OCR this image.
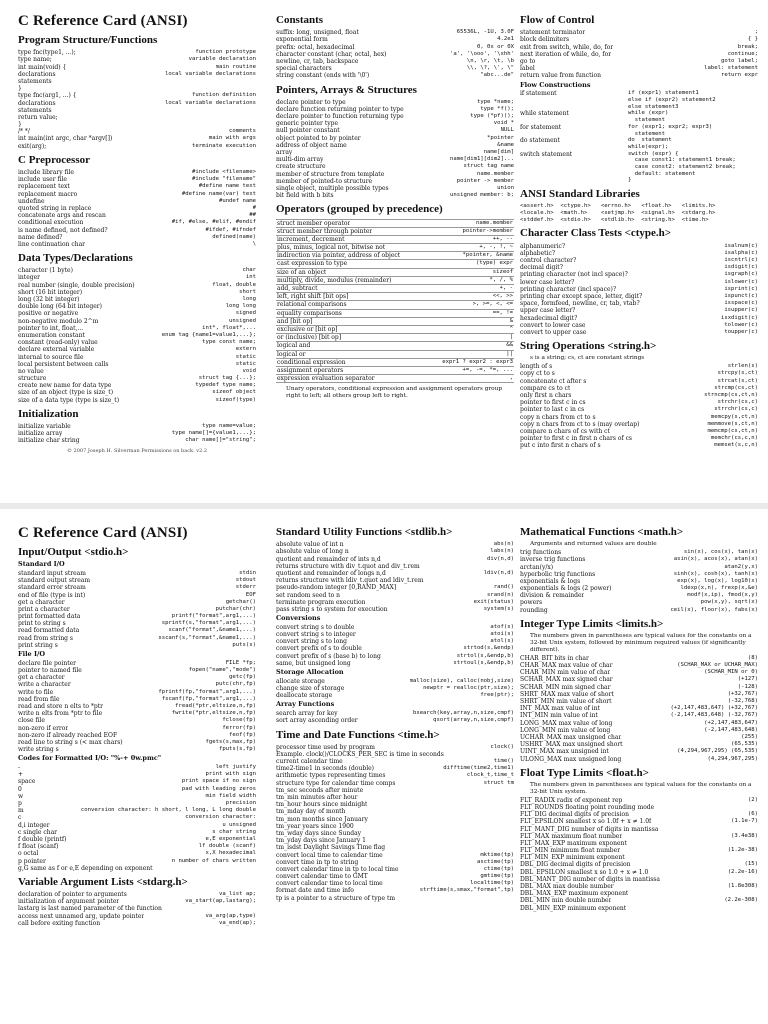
C Reference Card (ANSI)
Program Structure/Functions
type fnc(type1, ...);	function prototype
type name;	variable declaration
int main(void) {	main routine
declarations	local variable declarations
statements
}
type fnc(arg1, ...) {	function definition
declarations	local variable declarations
statements
return value;
}
/* */	comments
int main(int argc, char *argv[])	main with args
exit(arg);	terminate execution
C Preprocessor
include library file	#include <filename>
include user file	#include "filename"
replacement text	#define name text
replacement macro	#define name(var) text
undefine	#undef name
quoted string in replace	#
concatenate args and rescan	##
conditional execution	#if, #else, #elif, #endif
is name defined, not defined?	#ifdef, #ifndef
name defined?	defined(name)
line continuation char	\
Data Types/Declarations
character (1 byte)	char
integer	int
real number (single, double precision)	float, double
short (16 bit integer)	short
long (32 bit integer)	long
double long (64 bit integer)	long long
positive or negative	signed
non-negative modulo 2^m	unsigned
pointer to int, float,...	int*, float*,...
enumeration constant	enum tag {name1=value1,...};
constant (read-only) value	type const name;
declare external variable	extern
internal to source file	static
local persistent between calls	static
no value	void
structure	struct tag {...};
create new name for data type	typedef type name;
size of an object (type is size_t)	sizeof object
size of a data type (type is size_t)	sizeof(type)
Initialization
initialize variable	type name=value;
initialize array	type name[]={value1,...};
initialize char string	char name[]="string";
© 2007 Joseph H. Silverman Permissions on back. v2.2
Constants
suffix: long, unsigned, float	65536L, -1U, 3.0F
exponential form	4.2e1
prefix: octal, hexadecimal	0, 0x or 0X
character constant (char, octal, hex)	'a', '\ooo', '\xhh'
newline, cr, tab, backspace	\n, \r, \t, \b
special characters	\\, \?, \', \"
string constant (ends with '\0')	"abc...de"
Pointers, Arrays & Structures
declare pointer to type	type *name;
declare function returning pointer to type	type *f();
declare pointer to function returning type	type (*pf)();
generic pointer type	void *
null pointer constant	NULL
object pointed to by pointer	*pointer
address of object name	&name
array	name[dim]
multi-dim array	name[dim1][dim2]...
create structure	struct tag name
member of structure from template	name.member
member of pointed-to structure	pointer -> member
single object, multiple possible types	union
bit field with b bits	unsigned member: b;
Operators (grouped by precedence)
struct member operator	name.member
struct member through pointer	pointer->member
increment, decrement	++, --
plus, minus, logical not, bitwise not	+, -, !, ~
indirection via pointer, address of object	*pointer, &name
cast expression to type	(type) expr
size of an object	sizeof
multiply, divide, modulus (remainder)	*, /, %
add, subtract	+, -
left, right shift [bit ops]	<<, >>
relational comparisons	>, >=, <, <=
equality comparisons	==, !=
and [bit op]	&
exclusive or [bit op]	^
or (inclusive) [bit op]	|
logical and	&&
logical or	||
conditional expression	expr1 ? expr2 : expr3
assignment operators	+=, -=, *=, ...
expression evaluation separator	,
Unary operators, conditional expression and assignment operators group right to left; all others group left to right.
Flow of Control
statement terminator	;
block delimiters	{ }
exit from switch, while, do, for	break;
next iteration of while, do, for	continue;
go to	goto label;
label	label: statement
return value from function	return expr
Flow Constructions
if statement	if (expr1) statement1
else if (expr2) statement2
else statement3
while statement	while (expr)
statement
for statement	for (expr1; expr2; expr3)
statement
do statement	do  statement
while(expr);
switch statement	switch (expr) {
case const1: statement1 break;
case const2: statement2 break;
default: statement
}
ANSI Standard Libraries
<assert.h>  <ctype.h>   <errno.h>   <float.h>   <limits.h>
<locale.h>  <math.h>    <setjmp.h>  <signal.h>  <stdarg.h>
<stddef.h>  <stdio.h>   <stdlib.h>  <string.h>  <time.h>
Character Class Tests <ctype.h>
alphanumeric?	isalnum(c)
alphabetic?	isalpha(c)
control character?	iscntrl(c)
decimal digit?	isdigit(c)
printing character (not incl space)?	isgraph(c)
lower case letter?	islower(c)
printing character (incl space)?	isprint(c)
printing char except space, letter, digit?	ispunct(c)
space, formfeed, newline, cr, tab, vtab?	isspace(c)
upper case letter?	isupper(c)
hexadecimal digit?	isxdigit(c)
convert to lower case	tolower(c)
convert to upper case	toupper(c)
String Operations <string.h>
s is a string; cs, ct are constant strings
length of s	strlen(s)
copy ct to s	strcpy(s,ct)
concatenate ct after s	strcat(s,ct)
compare cs to ct	strcmp(cs,ct)
only first n chars	strncmp(cs,ct,n)
pointer to first c in cs	strchr(cs,c)
pointer to last c in cs	strrchr(cs,c)
copy n chars from ct to s	memcpy(s,ct,n)
copy n chars from ct to s (may overlap)	memmove(s,ct,n)
compare n chars of cs with ct	memcmp(cs,ct,n)
pointer to first c in first n chars of cs	memchr(cs,c,n)
put c into first n chars of s	memset(s,c,n)
C Reference Card (ANSI)
Input/Output <stdio.h>
Standard I/O
standard input stream	stdin
standard output stream	stdout
standard error stream	stderr
end of file (type is int)	EOF
get a character	getchar()
print a character	putchar(chr)
print formatted data	printf("format",arg1,...)
print to string s	sprintf(s,"format",arg1,...)
read formatted data	scanf("format",&name1,...)
read from string s	sscanf(s,"format",&name1,...)
print string s	puts(s)
File I/O
declare file pointer	FILE *fp;
pointer to named file	fopen("name","mode")
get a character	getc(fp)
write a character	putc(chr,fp)
write to file	fprintf(fp,"format",arg1,...)
read from file	fscanf(fp,"format",arg1,...)
read and store n elts to *ptr	fread(*ptr,eltsize,n,fp)
write n elts from *ptr to file	fwrite(*ptr,eltsize,n,fp)
close file	fclose(fp)
non-zero if error	ferror(fp)
non-zero if already reached EOF	feof(fp)
read line to string s (< max chars)	fgets(s,max,fp)
write string s	fputs(s,fp)
Codes for Formatted I/O: "%-+ 0w.pmc"
-	left justify
+	print with sign
space	print space if no sign
0	pad with leading zeros
w	min field width
p	precision
m	conversion character: h short, l long, L long double
c	conversion character:
d,i integer	u unsigned
c single char	s char string
f double (printf)	e,E exponential
f float (scanf)	lf double (scanf)
o octal	x,X hexadecimal
p pointer	n number of chars written
g,G same as f or e,E depending on exponent
Variable Argument Lists <stdarg.h>
declaration of pointer to arguments	va_list ap;
initialization of argument pointer	va_start(ap,lastarg);
lastarg is last named parameter of the function
access next unnamed arg, update pointer	va_arg(ap,type)
call before exiting function	va_end(ap);
Standard Utility Functions <stdlib.h>
absolute value of int n	abs(n)
absolute value of long n	labs(n)
quotient and remainder of ints n,d	div(n,d)
returns structure with div_t.quot and div_t.rem
quotient and remainder of longs n,d	ldiv(n,d)
returns structure with ldiv_t.quot and ldiv_t.rem
pseudo-random integer [0,RAND_MAX]	rand()
set random seed to n	srand(n)
terminate program execution	exit(status)
pass string s to system for execution	system(s)
Conversions
convert string s to double	atof(s)
convert string s to integer	atoi(s)
convert string s to long	atol(s)
convert prefix of s to double	strtod(s,&endp)
convert prefix of s (base b) to long	strtol(s,&endp,b)
same, but unsigned long	strtoul(s,&endp,b)
Storage Allocation
allocate storage	malloc(size), calloc(nobj,size)
change size of storage	newptr = realloc(ptr,size);
deallocate storage	free(ptr);
Array Functions
search array for key	bsearch(key,array,n,size,cmpf)
sort array ascending order	qsort(array,n,size,cmpf)
Time and Date Functions <time.h>
processor time used by program	clock()
Example. clock()/CLOCKS_PER_SEC is time in seconds
current calendar time	time()
time2-time1 in seconds (double)	difftime(time2,time1)
arithmetic types representing times	clock_t,time_t
structure type for calendar time comps	struct tm
tm_sec seconds after minute
tm_min minutes after hour
tm_hour hours since midnight
tm_mday day of month
tm_mon months since January
tm_year years since 1900
tm_wday days since Sunday
tm_yday days since January 1
tm_isdst Daylight Savings Time flag
convert local time to calendar time	mktime(tp)
convert time in tp to string	asctime(tp)
convert calendar time in tp to local time	ctime(tp)
convert calendar time to GMT	gmtime(tp)
convert calendar time to local time	localtime(tp)
format date and time info	strftime(s,smax,"format",tp)
tp is a pointer to a structure of type tm
Mathematical Functions <math.h>
Arguments and returned values are double
trig functions	sin(x), cos(x), tan(x)
inverse trig functions	asin(x), acos(x), atan(x)
arctan(y/x)	atan2(y,x)
hyperbolic trig functions	sinh(x), cosh(x), tanh(x)
exponentials & logs	exp(x), log(x), log10(x)
exponentials & logs (2 power)	ldexp(x,n), frexp(x,&e)
division & remainder	modf(x,ip), fmod(x,y)
powers	pow(x,y), sqrt(x)
rounding	ceil(x), floor(x), fabs(x)
Integer Type Limits <limits.h>
The numbers given in parentheses are typical values for the constants on a 32-bit Unix system, followed by minimum required values (if significantly different).
CHAR_BIT bits in char	(8)
CHAR_MAX max value of char	(SCHAR_MAX or UCHAR_MAX)
CHAR_MIN min value of char	(SCHAR_MIN or 0)
SCHAR_MAX max signed char	(+127)
SCHAR_MIN min signed char	(-128)
SHRT_MAX max value of short	(+32,767)
SHRT_MIN min value of short	(-32,768)
INT_MAX max value of int	(+2,147,483,647) (+32,767)
INT_MIN min value of int	(-2,147,483,648) (-32,767)
LONG_MAX max value of long	(+2,147,483,647)
LONG_MIN min value of long	(-2,147,483,648)
UCHAR_MAX max unsigned char	(255)
USHRT_MAX max unsigned short	(65,535)
UINT_MAX max unsigned int	(4,294,967,295) (65,535)
ULONG_MAX max unsigned long	(4,294,967,295)
Float Type Limits <float.h>
The numbers given in parentheses are typical values for the constants on a 32-bit Unix system.
FLT_RADIX radix of exponent rep	(2)
FLT_ROUNDS floating point rounding mode
FLT_DIG decimal digits of precision	(6)
FLT_EPSILON smallest x so 1.0f + x ≠ 1.0f	(1.1e-7)
FLT_MANT_DIG number of digits in mantissa
FLT_MAX maximum float number	(3.4e38)
FLT_MAX_EXP maximum exponent
FLT_MIN minimum float number	(1.2e-38)
FLT_MIN_EXP minimum exponent
DBL_DIG decimal digits of precision	(15)
DBL_EPSILON smallest x so 1.0 + x ≠ 1.0	(2.2e-16)
DBL_MANT_DIG number of digits in mantissa
DBL_MAX max double number	(1.8e308)
DBL_MAX_EXP maximum exponent
DBL_MIN min double number	(2.2e-308)
DBL_MIN_EXP minimum exponent
